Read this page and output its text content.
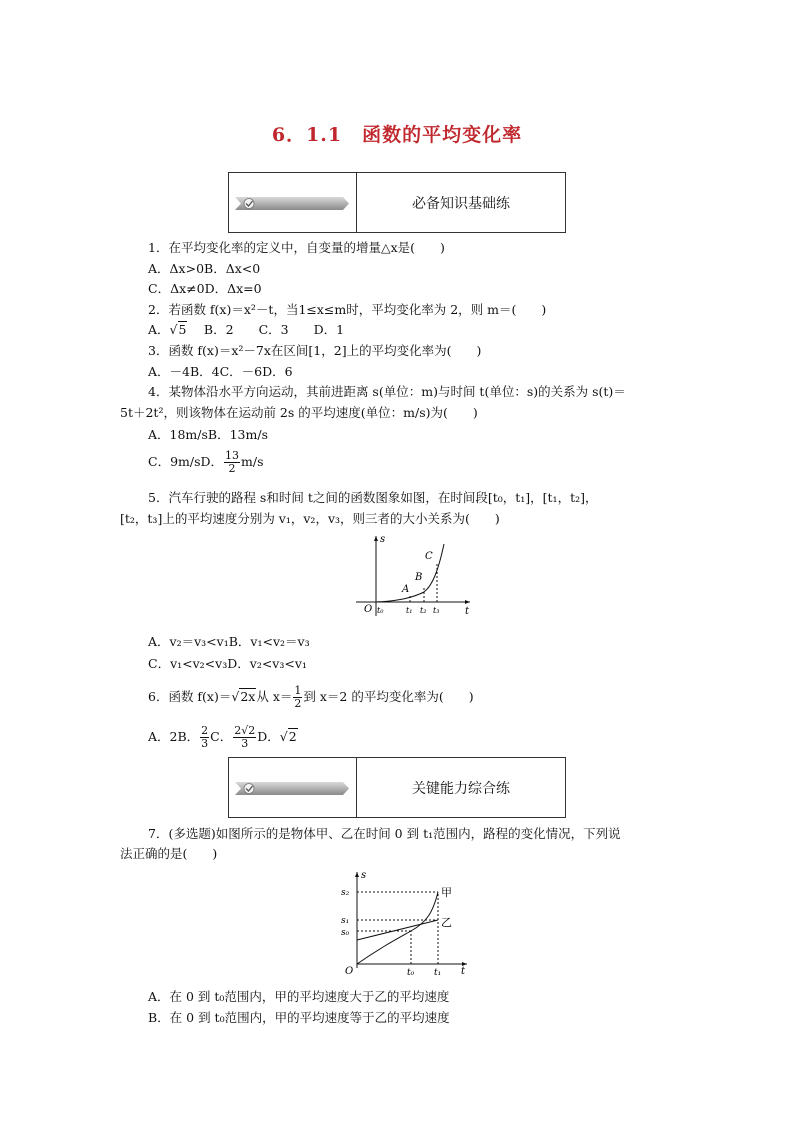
6．1.1　函数的平均变化率
必备知识基础练
1．在平均变化率的定义中，自变量的增量△x是(　　)
A．Δx>0B．Δx<0
C．Δx≠0D．Δx=0
2．若函数 f(x)＝x²－t，当1≤x≤m时，平均变化率为 2，则 m＝(　　)
A．√5　 B．2　　C．3　　D．1
3．函数 f(x)＝x²－7x在区间[1，2]上的平均变化率为(　　)
A．－4B．4C．－6D．6
4．某物体沿水平方向运动，其前进距离 s(单位：m)与时间 t(单位：s)的关系为 s(t)＝
5t＋2t²，则该物体在运动前 2s 的平均速度(单位：m/s)为(　　)
A．18m/sB．13m/s
C．9m/sD． $\frac{13}{2} m/s$
5．汽车行驶的路程 s和时间 t之间的函数图象如图，在时间段[t₀，t₁]，[t₁，t₂]，
[t₂，t₃]上的平均速度分别为 v₁，v₂，v₃，则三者的大小关系为(　　)
s
t
O
A
B
C
t₀	t₁ t₂ t₃
A．v₂＝v₃<v₁B．v₁<v₂＝v₃
C．v₁<v₂<v₃D．v₂<v₃<v₁
6．函数 f(x)＝√2x从 $x= \frac{1}{2}$ 到 x＝2 的平均变化率为(　　)
A．2B． $\frac{2}{3}$ C． $\frac{2√2}{3}$ D．√2
关键能力综合练
7．(多选题)如图所示的是物体甲、乙在时间 0 到 t₁范围内，路程的变化情况，下列说
法正确的是(　　)
s
t
O
s₂
s₁
s₀
t₀ t₁
甲
乙
A．在 0 到 t₀范围内，甲的平均速度大于乙的平均速度
B．在 0 到 t₀范围内，甲的平均速度等于乙的平均速度
